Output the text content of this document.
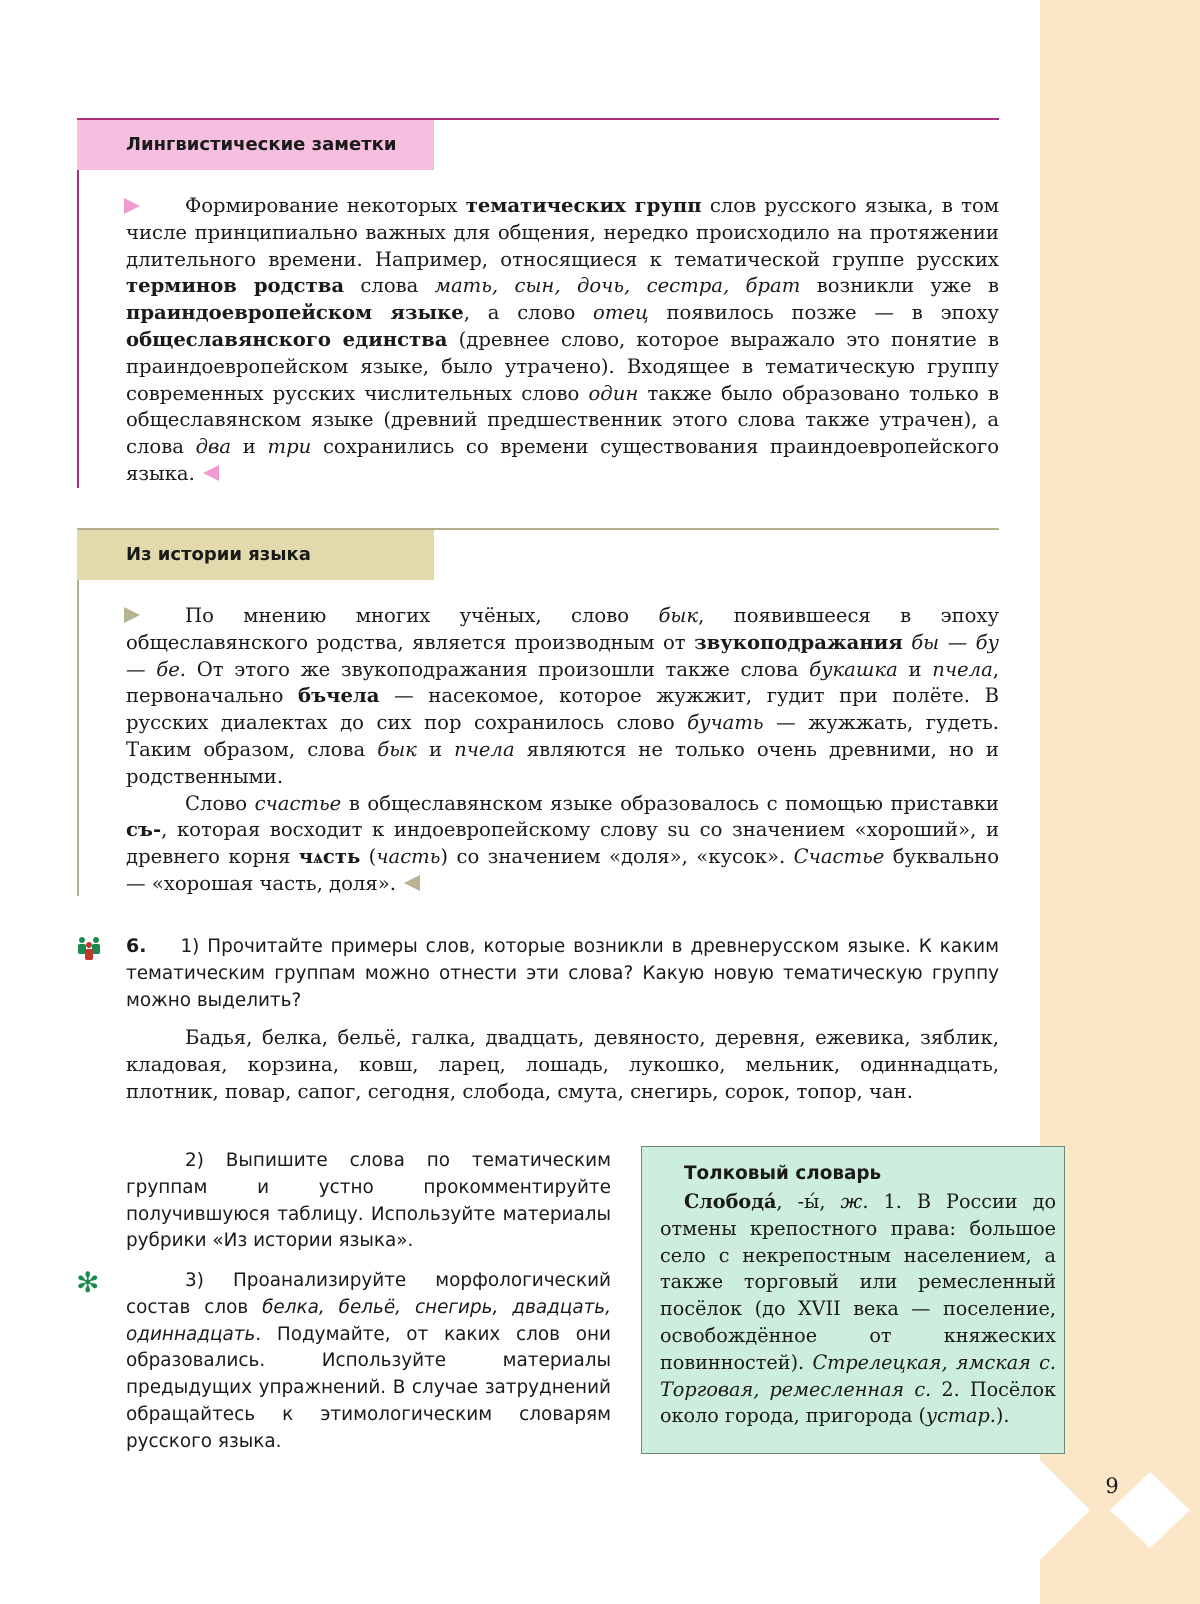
9
Лингвистические заметки
Формирование некоторых тематических групп слов русского языка, в том числе принципиально важных для общения, нередко происходило на протяжении длительного времени. Например, относящиеся к тематической группе русских терминов родства слова мать, сын, дочь, сестра, брат возникли уже в праиндоевропейском языке, а слово отец появилось позже — в эпоху общеславянского единства (древнее слово, которое выражало это понятие в праиндоевропейском языке, было утрачено). Входящее в тематическую группу современных русских числительных слово один также было образовано только в общеславянском языке (древний предшественник этого слова также утрачен), а слова два и три сохранились со времени существования праиндоевропейского языка.
Из истории языка
По мнению многих учёных, слово бык, появившееся в эпоху общеславянского родства, является производным от звукоподражания бы — бу — бе. От этого же звукоподражания произошли также слова букашка и пчела, первоначально бъчела — насекомое, которое жужжит, гудит при полёте. В русских диалектах до сих пор сохранилось слово бучать — жужжать, гудеть. Таким образом, слова бык и пчела являются не только очень древними, но и родственными.
Слово счастье в общеславянском языке образовалось с помощью приставки съ-, которая восходит к индоевропейскому слову su со значением «хороший», и древнего корня чѧсть (часть) со значением «доля», «кусок». Счастье буквально — «хорошая часть, доля».
6. 1) Прочитайте примеры слов, которые возникли в древнерусском языке. К каким тематическим группам можно отнести эти слова? Какую новую тематическую группу можно выделить?
Бадья, белка, бельё, галка, двадцать, девяносто, деревня, ежевика, зяблик, кладовая, корзина, ковш, ларец, лошадь, лукошко, мельник, одиннадцать, плотник, повар, сапог, сегодня, слобода, смута, снегирь, сорок, топор, чан.
2) Выпишите слова по тематическим группам и устно прокомментируйте получившуюся таблицу. Используйте материалы рубрики «Из истории языка».
✻	3) Проанализируйте морфологический состав слов белка, бельё, снегирь, двадцать, одиннадцать. Подумайте, от каких слов они образовались. Используйте материалы предыдущих упражнений. В случае затруднений обращайтесь к этимологическим словарям русского языка.
Толковый словарь
Слобода́, -ы́, ж. 1. В России до отмены крепостного права: большое село с некрепостным населением, а также торговый или ремесленный посёлок (до XVII века — поселение, освобождённое от княжеских повинностей). Стрелецкая, ямская с. Торговая, ремесленная с. 2. Посёлок около города, пригорода (устар.).
